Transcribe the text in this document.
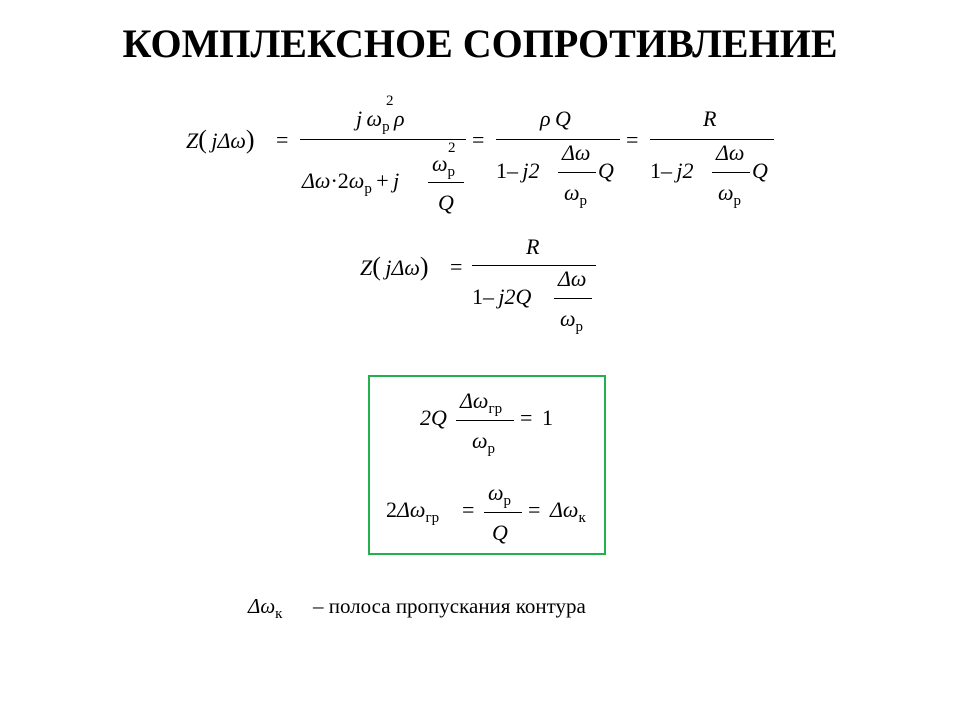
КОМПЛЕКСНОЕ СОПРОТИВЛЕНИЕ
Z(  jΔω) =
j  $\omega_р$
2
 ρ
$\Delta\omega\cdot 2\omega_р + j$
$\omega_р$
2
Q
=
ρ  Q
1–  j2
Δω
$\omega_р$
Q
=
R
1–  j2
Δω
$\omega_р$
Q
Z(  jΔω) =
R
1–  j2Q
Δω
$\omega_р$
2Q
$\Delta\omega_{гр}$
$\omega_р$
= 1
$2\Delta\omega_{гр}$ =
$\omega_р$
Q
= $\Delta\omega_к$
$\Delta\omega_к$ – полоса пропускания контура
